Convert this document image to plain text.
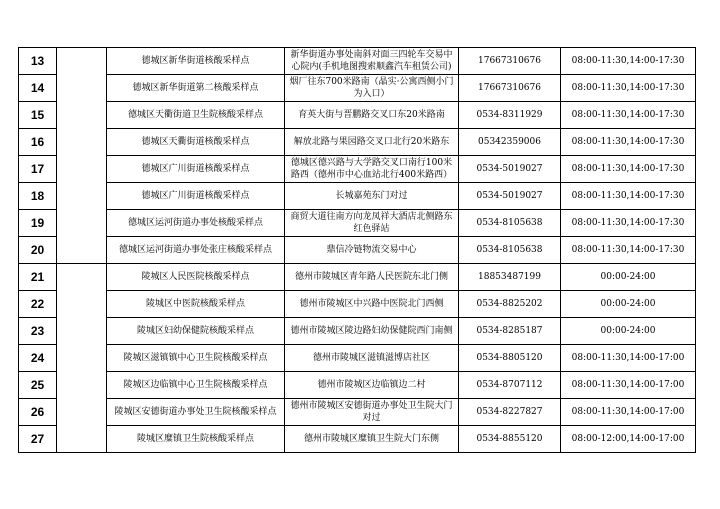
13		德城区新华街道核酸采样点	新华街道办事处南斜对面三四轮车交易中心院内(手机地图搜索顺鑫汽车租赁公司)	17667310676	08:00-11:30,14:00-17:30
14		德城区新华街道第二核酸采样点	烟厂往东700米路南（晶实·公寓西侧小门为入口）	17667310676	08:00-11:30,14:00-17:30
15		德城区天衢街道卫生院核酸采样点	育英大街与晋鹏路交叉口东20米路南	0534-8311929	08:00-11:30,14:00-17:30
16		德城区天衢街道核酸采样点	解放北路与果园路交叉口北行20米路东	05342359006	08:00-11:30,14:00-17:30
17		德城区广川街道核酸采样点	德城区德兴路与大学路交叉口南行100米路西（德州市中心血站北行400米路西）	0534-5019027	08:00-11:30,14:00-17:30
18		德城区广川街道核酸采样点	长城嘉苑东门对过	0534-5019027	08:00-11:30,14:00-17:30
19		德城区运河街道办事处核酸采样点	商贸大道往南方向龙凤祥大酒店北侧路东红色驿站	0534-8105638	08:00-11:30,14:00-17:30
20		德城区运河街道办事处张庄核酸采样点	鼎信冷链物流交易中心	0534-8105638	08:00-11:30,14:00-17:30
21		陵城区人民医院核酸采样点	德州市陵城区青年路人民医院东北门侧	18853487199	00:00-24:00
22		陵城区中医院核酸采样点	德州市陵城区中兴路中医院北门西侧	0534-8825202	00:00-24:00
23		陵城区妇幼保健院核酸采样点	德州市陵城区陵边路妇幼保健院西门南侧	0534-8285187	00:00-24:00
24		陵城区滋镇镇中心卫生院核酸采样点	德州市陵城区滋镇滋博店社区	0534-8805120	08:00-11:30,14:00-17:00
25		陵城区边临镇中心卫生院核酸采样点	德州市陵城区边临镇边二村	0534-8707112	08:00-11:30,14:00-17:00
26		陵城区安德街道办事处卫生院核酸采样点	德州市陵城区安德街道办事处卫生院大门对过	0534-8227827	08:00-11:30,14:00-17:00
27		陵城区糜镇卫生院核酸采样点	德州市陵城区糜镇卫生院大门东侧	0534-8855120	08:00-12:00,14:00-17:00
